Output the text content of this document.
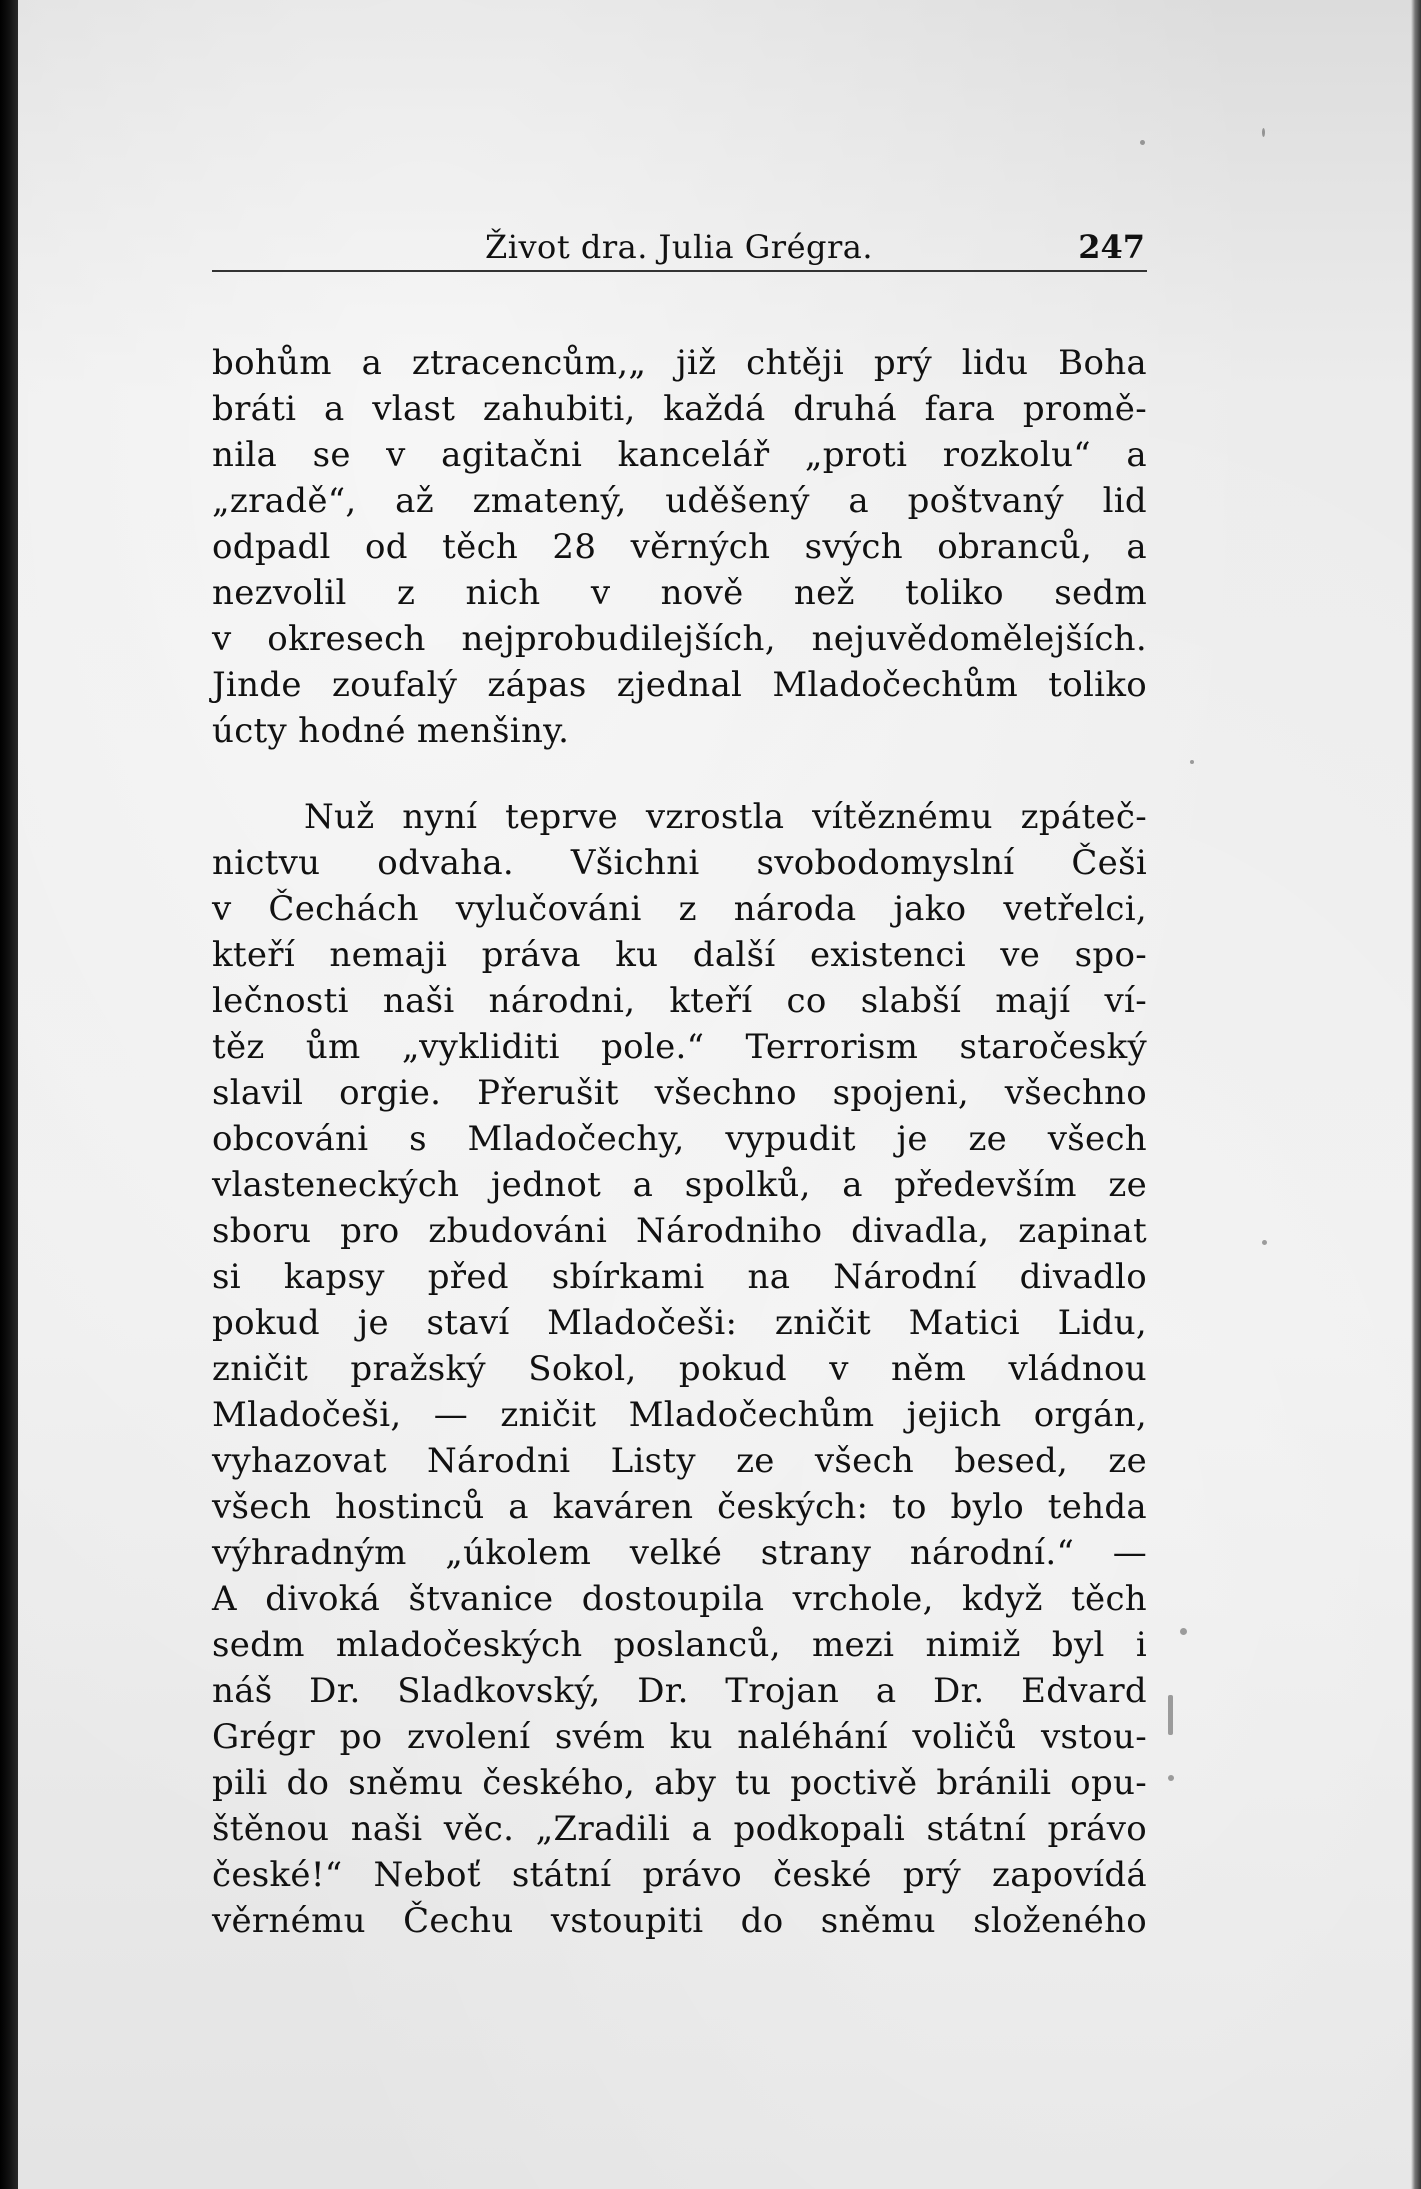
Život dra. Julia Grégra.	247
bohům a ztracencům,„ již chtěji prý lidu Boha
bráti a vlast zahubiti, každá druhá fara promě-
nila se v agitačni kancelář „proti rozkolu“ a
„zradě“, až zmatený, uděšený a poštvaný lid
odpadl od těch 28 věrných svých obranců, a
nezvolil z nich v nově než toliko sedm
v okresech nejprobudilejších, nejuvědomělejších.
Jinde zoufalý zápas zjednal Mladočechům toliko
úcty hodné menšiny.
Nuž nyní teprve vzrostla vítěznému zpáteč-
nictvu odvaha. Všichni svobodomyslní Češi
v Čechách vylučováni z národa jako vetřelci,
kteří nemaji práva ku další existenci ve spo-
lečnosti naši národni, kteří co slabší mají ví-
těz ům „vykliditi pole.“ Terrorism staročeský
slavil orgie. Přerušit všechno spojeni, všechno
obcováni s Mladočechy, vypudit je ze všech
vlasteneckých jednot a spolků, a především ze
sboru pro zbudováni Národniho divadla, zapinat
si kapsy před sbírkami na Národní divadlo
pokud je staví Mladočeši: zničit Matici Lidu,
zničit pražský Sokol, pokud v něm vládnou
Mladočeši, — zničit Mladočechům jejich orgán,
vyhazovat Národni Listy ze všech besed, ze
všech hostinců a kaváren českých: to bylo tehda
výhradným „úkolem velké strany národní.“ —
A divoká štvanice dostoupila vrchole, když těch
sedm mladočeských poslanců, mezi nimiž byl i
náš Dr. Sladkovský, Dr. Trojan a Dr. Edvard
Grégr po zvolení svém ku naléhání voličů vstou-
pili do sněmu českého, aby tu poctivě bránili opu-
štěnou naši věc. „Zradili a podkopali státní právo
české!“ Neboť státní právo české prý zapovídá
věrnému Čechu vstoupiti do sněmu složeného
